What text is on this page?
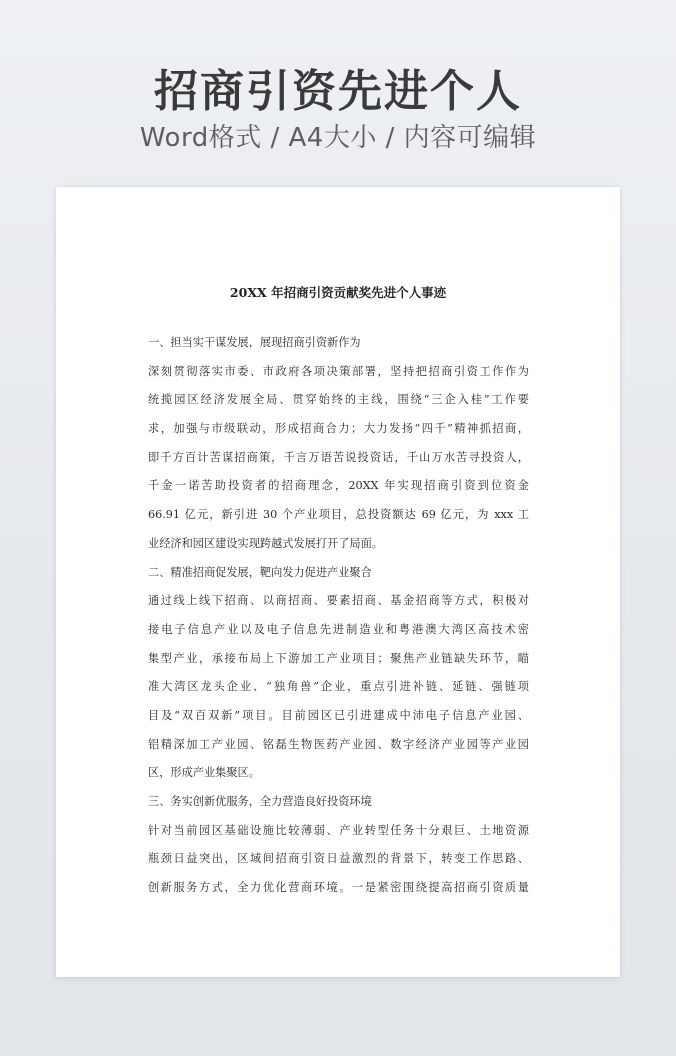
招商引资先进个人
Word格式 / A4大小 / 内容可编辑
20XX 年招商引资贡献奖先进个人事迹
一、担当实干谋发展，展现招商引资新作为
深刻贯彻落实市委、市政府各项决策部署，坚持把招商引资工作作为
统揽园区经济发展全局、贯穿始终的主线，围绕“三企入桂”工作要
求，加强与市级联动，形成招商合力；大力发扬“四千”精神抓招商，
即千方百计苦谋招商策，千言万语苦说投资话，千山万水苦寻投资人，
千金一诺苦助投资者的招商理念，20XX 年实现招商引资到位资金
66.91 亿元，新引进 30 个产业项目，总投资额达 69 亿元，为 xxx 工
业经济和园区建设实现跨越式发展打开了局面。
二、精准招商促发展，靶向发力促进产业聚合
通过线上线下招商、以商招商、要素招商、基金招商等方式，积极对
接电子信息产业以及电子信息先进制造业和粤港澳大湾区高技术密
集型产业，承接布局上下游加工产业项目；聚焦产业链缺失环节，瞄
准大湾区龙头企业、“独角兽”企业，重点引进补链、延链、强链项
目及“双百双新”项目。目前园区已引进建成中沛电子信息产业园、
铝精深加工产业园、铭磊生物医药产业园、数字经济产业园等产业园
区，形成产业集聚区。
三、务实创新优服务，全力营造良好投资环境
针对当前园区基础设施比较薄弱、产业转型任务十分艰巨、土地资源
瓶颈日益突出，区域间招商引资日益激烈的背景下，转变工作思路、
创新服务方式，全力优化营商环境。一是紧密围绕提高招商引资质量
